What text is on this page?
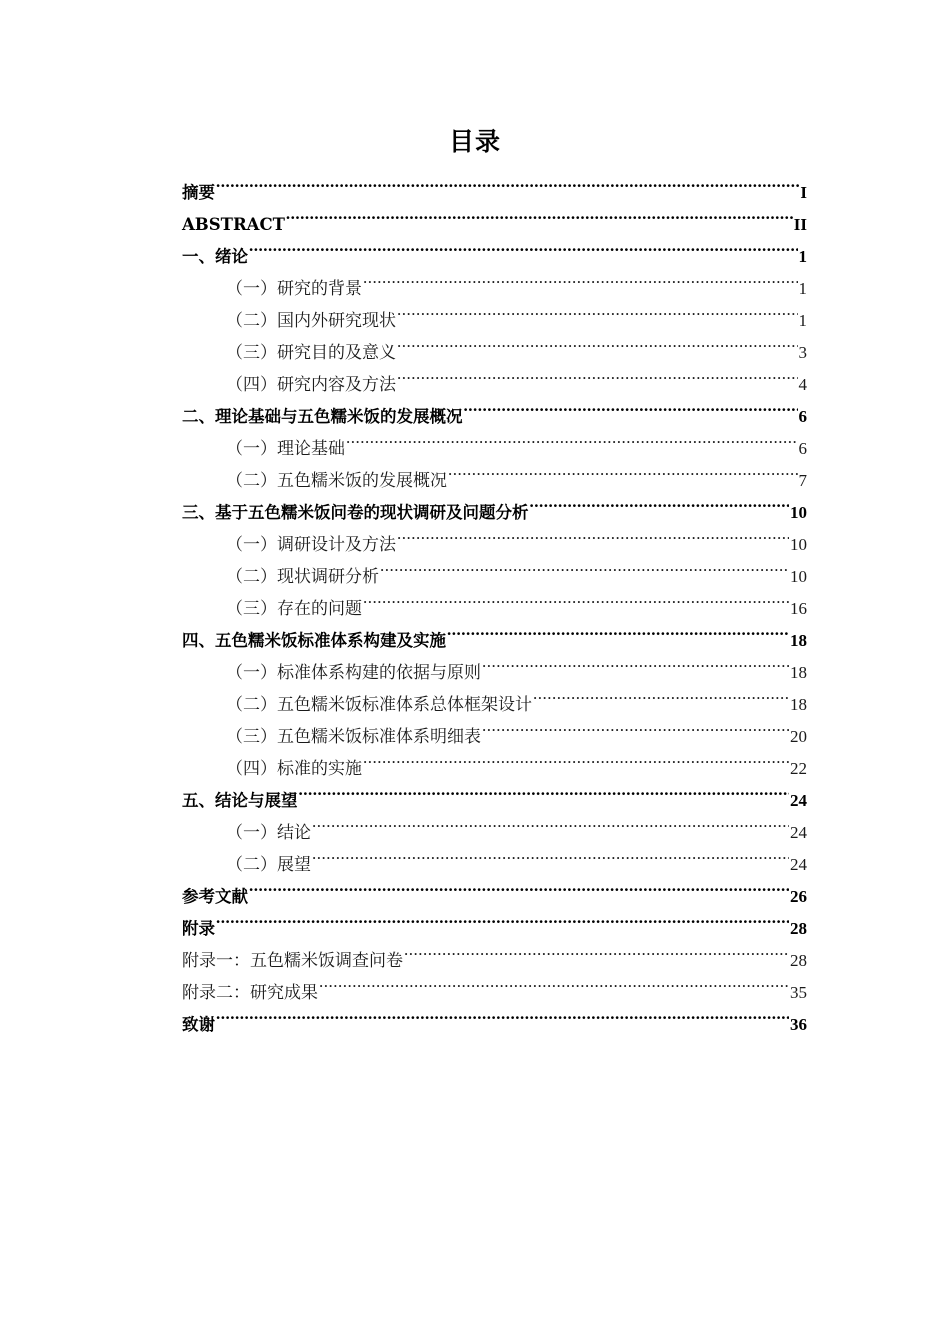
目录
摘要 .....	I
ABSTRACT .....	II
一、绪论 .....	1
（一）研究的背景 .....	1
（二）国内外研究现状 .....	1
（三）研究目的及意义 .....	3
（四）研究内容及方法 .....	4
二、理论基础与五色糯米饭的发展概况 .....	6
（一）理论基础 .....	6
（二）五色糯米饭的发展概况 .....	7
三、基于五色糯米饭问卷的现状调研及问题分析 .....	10
（一）调研设计及方法 .....	10
（二）现状调研分析 .....	10
（三）存在的问题 .....	16
四、五色糯米饭标准体系构建及实施 .....	18
（一）标准体系构建的依据与原则 .....	18
（二）五色糯米饭标准体系总体框架设计 .....	18
（三）五色糯米饭标准体系明细表 .....	20
（四）标准的实施 .....	22
五、结论与展望 .....	24
（一）结论 .....	24
（二）展望 .....	24
参考文献 .....	26
附录 .....	28
附录一：五色糯米饭调查问卷 .....	28
附录二：研究成果 .....	35
致谢 .....	36
